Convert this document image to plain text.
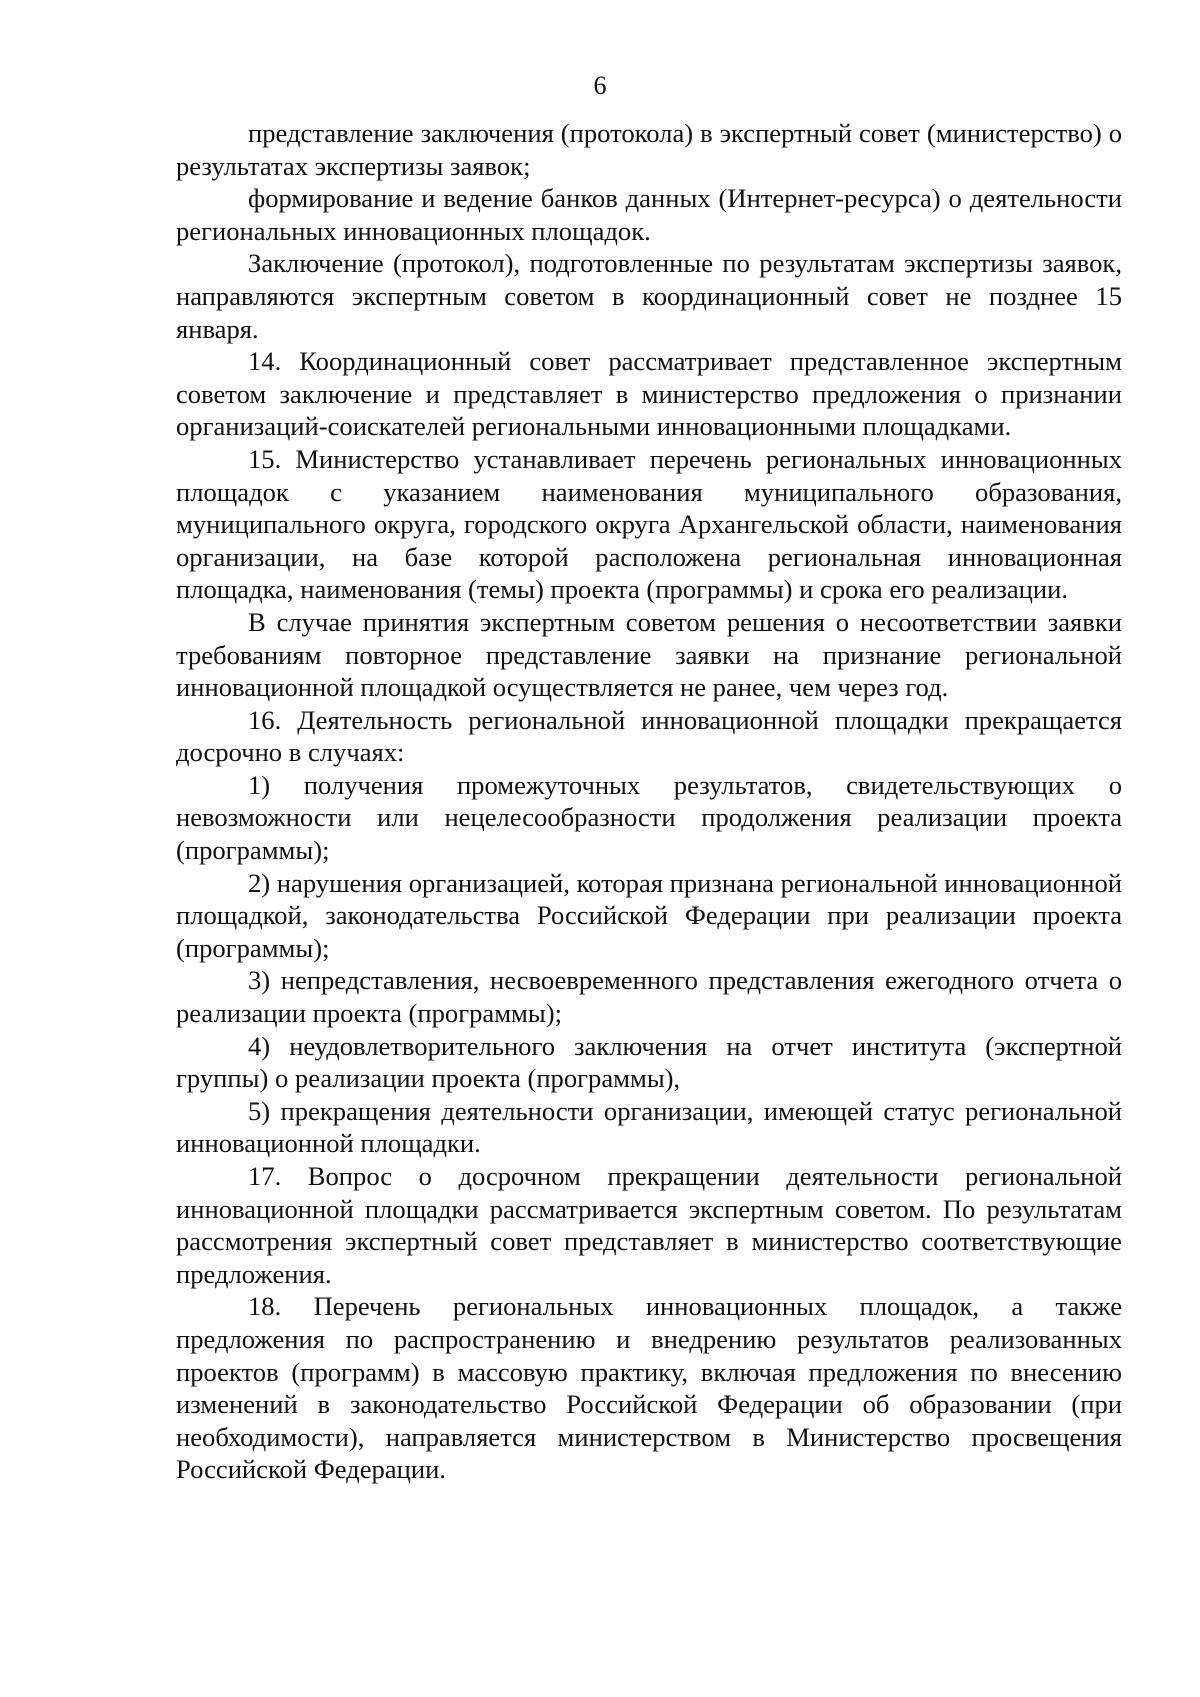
6

представление заключения (протокола) в экспертный совет (министерство) о результатах экспертизы заявок;

формирование и ведение банков данных (Интернет-ресурса) о деятельности региональных инновационных площадок.

Заключение (протокол), подготовленные по результатам экспертизы заявок, направляются экспертным советом в координационный совет не позднее 15 января.

14. Координационный совет рассматривает представленное экспертным советом заключение и представляет в министерство предложения о признании организаций-соискателей региональными инновационными площадками.

15. Министерство устанавливает перечень региональных инновационных площадок с указанием наименования муниципального образования, муниципального округа, городского округа Архангельской области, наименования организации, на базе которой расположена региональная инновационная площадка, наименования (темы) проекта (программы) и срока его реализации.

В случае принятия экспертным советом решения о несоответствии заявки требованиям повторное представление заявки на признание региональной инновационной площадкой осуществляется не ранее, чем через год.

16. Деятельность региональной инновационной площадки прекращается досрочно в случаях:

1) получения промежуточных результатов, свидетельствующих о невозможности или нецелесообразности продолжения реализации проекта (программы);

2) нарушения организацией, которая признана региональной инновационной площадкой, законодательства Российской Федерации при реализации проекта (программы);

3) непредставления, несвоевременного представления ежегодного отчета о реализации проекта (программы);

4) неудовлетворительного заключения на отчет института (экспертной группы) о реализации проекта (программы),

5) прекращения деятельности организации, имеющей статус региональной инновационной площадки.

17. Вопрос о досрочном прекращении деятельности региональной инновационной площадки рассматривается экспертным советом. По результатам рассмотрения экспертный совет представляет в министерство соответствующие предложения.

18. Перечень региональных инновационных площадок, а также предложения по распространению и внедрению результатов реализованных проектов (программ) в массовую практику, включая предложения по внесению изменений в законодательство Российской Федерации об образовании (при необходимости), направляется министерством в Министерство просвещения Российской Федерации.
